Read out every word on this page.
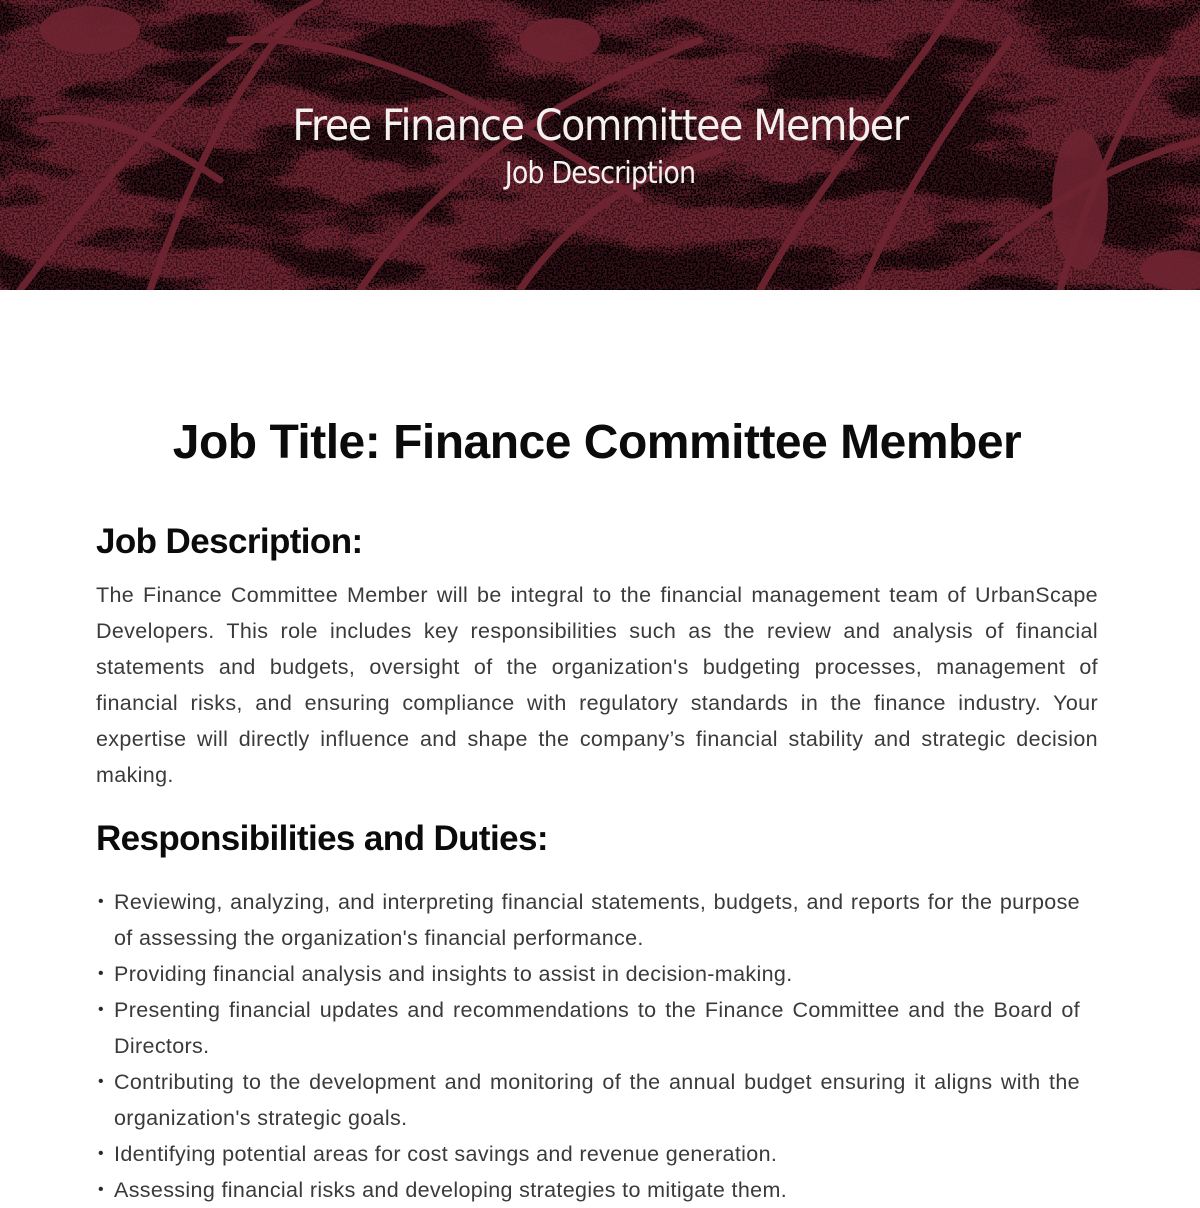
Free Finance Committee Member

Job Description

Job Title: Finance Committee Member
Job Description:

The Finance Committee Member will be integral to the financial management team of UrbanScape Developers. This role includes key responsibilities such as the review and analysis of financial statements and budgets, oversight of the organization's budgeting processes, management of financial risks, and ensuring compliance with regulatory standards in the finance industry. Your expertise will directly influence and shape the company’s financial stability and strategic decision making.

Responsibilities and Duties:
• Reviewing, analyzing, and interpreting financial statements, budgets, and reports for the purpose of assessing the organization's financial performance.
• Providing financial analysis and insights to assist in decision-making.
• Presenting financial updates and recommendations to the Finance Committee and the Board of Directors.
• Contributing to the development and monitoring of the annual budget ensuring it aligns with the organization's strategic goals.
• Identifying potential areas for cost savings and revenue generation.
• Assessing financial risks and developing strategies to mitigate them.
